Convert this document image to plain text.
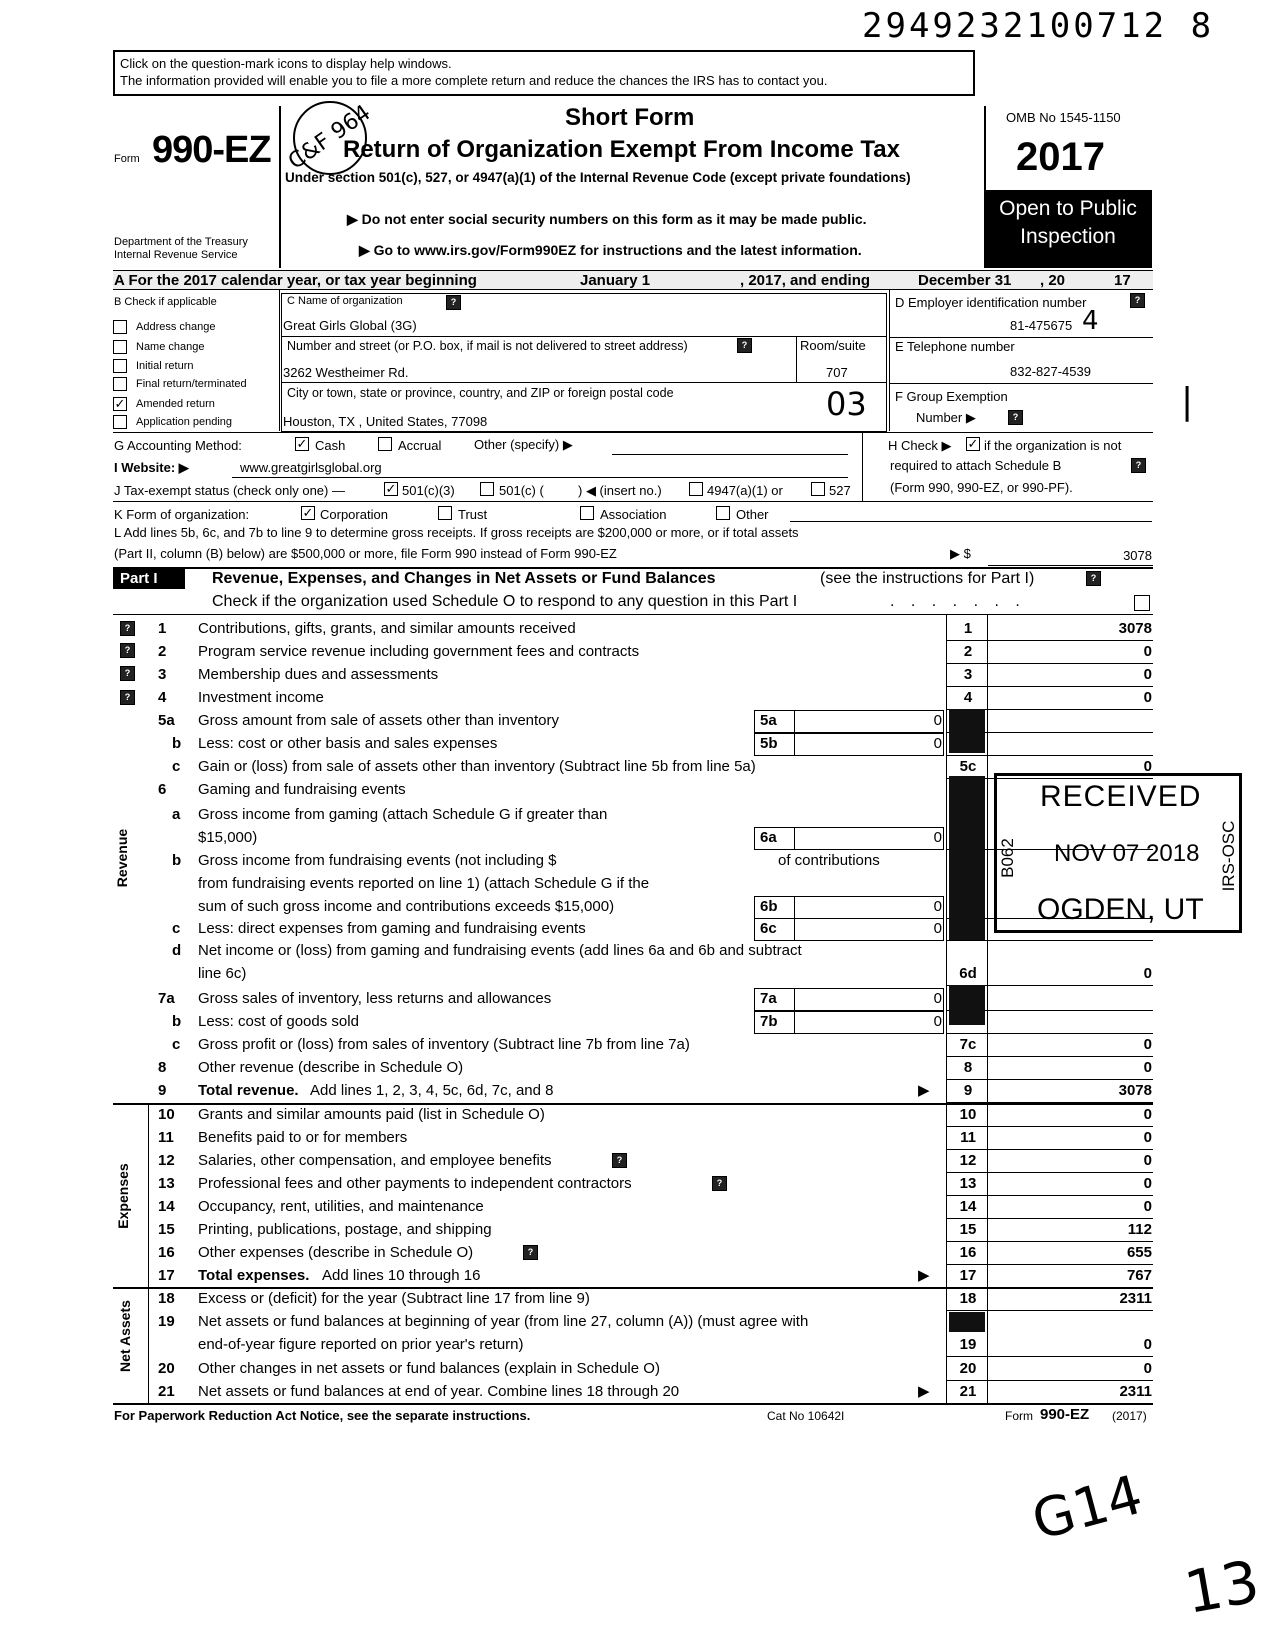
2949232100712 8
Click on the question-mark icons to display help windows.
The information provided will enable you to file a more complete return and reduce the chances the IRS has to contact you.
Form 990-EZ
Department of the Treasury
Internal Revenue Service
Short Form
Return of Organization Exempt From Income Tax
Under section 501(c), 527, or 4947(a)(1) of the Internal Revenue Code (except private foundations)
▶ Do not enter social security numbers on this form as it may be made public.
▶ Go to www.irs.gov/Form990EZ for instructions and the latest information.
C&F 964	OMB No 1545-1150
2017
Open to Public
Inspection
A For the 2017 calendar year, or tax year beginning	January 1	, 2017, and ending	December 31 , 20	17
B Check if applicable
Address change
Name change
Initial return
Final return/terminated
✓ Amended return
Application pending
C Name of organization	?
Great Girls Global (3G)
Number and street (or P.O. box, if mail is not delivered to street address)	?	Room/suite
3262 Westheimer Rd.	707
City or town, state or province, country, and ZIP or foreign postal code	03
Houston, TX , United States, 77098
D Employer identification number	?
81-475675 4
E Telephone number
832-827-4539
F Group Exemption
Number ▶	?	|
G Accounting Method:	✓ Cash	Accrual	Other (specify) ▶	H Check ▶ ✓ if the organization is not
required to attach Schedule B	?
(Form 990, 990-EZ, or 990-PF).
I Website: ▶	www.greatgirlsglobal.org
J Tax-exempt status (check only one) —	✓ 501(c)(3)	501(c) (	) ◀ (insert no.)	4947(a)(1) or	527
K Form of organization:	✓ Corporation	Trust	Association	Other
L Add lines 5b, 6c, and 7b to line 9 to determine gross receipts. If gross receipts are $200,000 or more, or if total assets
(Part II, column (B) below) are $500,000 or more, file Form 990 instead of Form 990-EZ	▶ $	3078
Part I	Revenue, Expenses, and Changes in Net Assets or Fund Balances	(see the instructions for Part I)	?
Check if the organization used Schedule O to respond to any question in this Part I	. . . . . . .
Revenue
Expenses
Net Assets
?
?
?
?
1 Contributions, gifts, grants, and similar amounts received	1	3078
2 Program service revenue including government fees and contracts	2	0
3 Membership dues and assessments	3	0
4 Investment income	4	0
5a Gross amount from sale of assets other than inventory	5a	0
b Less: cost or other basis and sales expenses	5b	0
c Gain or (loss) from sale of assets other than inventory (Subtract line 5b from line 5a)	5c	0
6 Gaming and fundraising events
a Gross income from gaming (attach Schedule G if greater than
$15,000)	6a	0
b Gross income from fundraising events (not including $	of contributions
from fundraising events reported on line 1) (attach Schedule G if the
sum of such gross income and contributions exceeds $15,000)	6b	0
c Less: direct expenses from gaming and fundraising events	6c	0
d Net income or (loss) from gaming and fundraising events (add lines 6a and 6b and subtract
line 6c)	6d	0
7a Gross sales of inventory, less returns and allowances	7a	0
b Less: cost of goods sold	7b	0
c Gross profit or (loss) from sales of inventory (Subtract line 7b from line 7a)	7c	0
8 Other revenue (describe in Schedule O)	8	0
9 Total revenue. Add lines 1, 2, 3, 4, 5c, 6d, 7c, and 8	9	3078
▶
10 Grants and similar amounts paid (list in Schedule O)	10	0
11 Benefits paid to or for members	11	0
12 Salaries, other compensation, and employee benefits	12	0
?
13 Professional fees and other payments to independent contractors	13	0
?
14 Occupancy, rent, utilities, and maintenance	14	0
15 Printing, publications, postage, and shipping	15	112
16 Other expenses (describe in Schedule O)	16	655
?
17 Total expenses. Add lines 10 through 16	17	767
▶
18 Excess or (deficit) for the year (Subtract line 17 from line 9)	18	2311
19 Net assets or fund balances at beginning of year (from line 27, column (A)) (must agree with
end-of-year figure reported on prior year's return)	19	0
20 Other changes in net assets or fund balances (explain in Schedule O)	20	0
21 Net assets or fund balances at end of year. Combine lines 18 through 20	21	2311
▶
RECEIVED
NOV 07 2018
OGDEN, UT
B062	IRS-OSC
For Paperwork Reduction Act Notice, see the separate instructions.	Cat No 10642I	Form 990-EZ (2017)
G14
13
